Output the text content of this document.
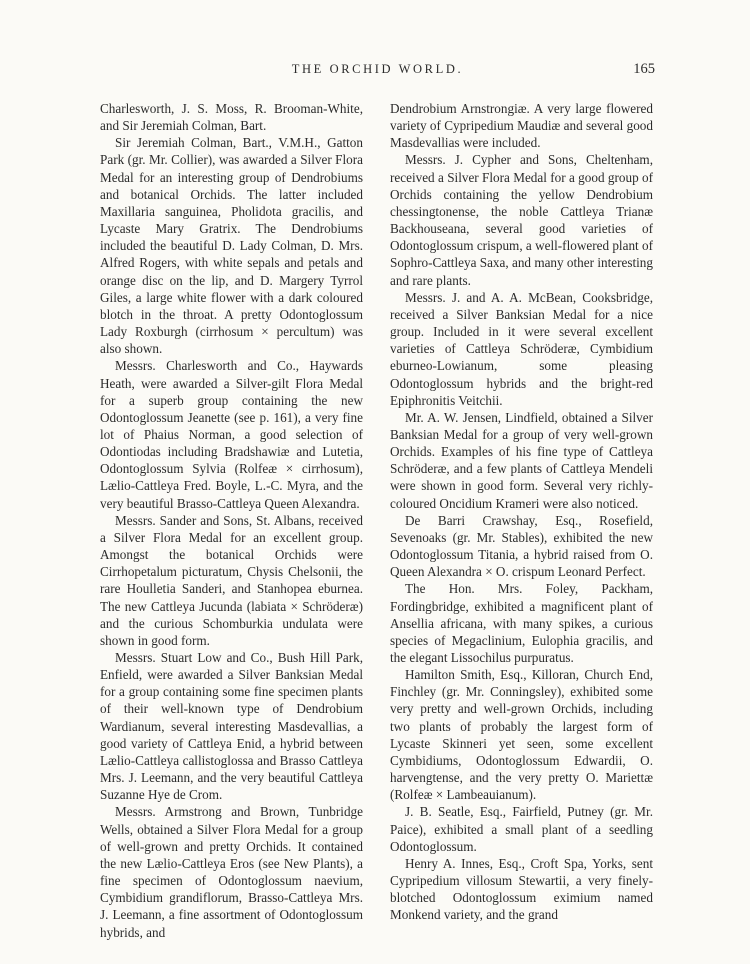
THE ORCHID WORLD.	165

Charlesworth, J. S. Moss, R. Brooman-White, and Sir Jeremiah Colman, Bart.

Sir Jeremiah Colman, Bart., V.M.H., Gatton Park (gr. Mr. Collier), was awarded a Silver Flora Medal for an interesting group of Dendrobiums and botanical Orchids. The latter included Maxillaria sanguinea, Pholidota gracilis, and Lycaste Mary Gratrix. The Dendrobiums included the beautiful D. Lady Colman, D. Mrs. Alfred Rogers, with white sepals and petals and orange disc on the lip, and D. Margery Tyrrol Giles, a large white flower with a dark coloured blotch in the throat. A pretty Odontoglossum Lady Roxburgh (cirrhosum × percultum) was also shown.

Messrs. Charlesworth and Co., Haywards Heath, were awarded a Silver-gilt Flora Medal for a superb group containing the new Odontoglossum Jeanette (see p. 161), a very fine lot of Phaius Norman, a good selection of Odontiodas including Bradshawiæ and Lutetia, Odontoglossum Sylvia (Rolfeæ × cirrhosum), Lælio-Cattleya Fred. Boyle, L.-C. Myra, and the very beautiful Brasso-Cattleya Queen Alexandra.

Messrs. Sander and Sons, St. Albans, received a Silver Flora Medal for an excellent group. Amongst the botanical Orchids were Cirrhopetalum picturatum, Chysis Chelsonii, the rare Houlletia Sanderi, and Stanhopea eburnea. The new Cattleya Jucunda (labiata × Schröderæ) and the curious Schomburkia undulata were shown in good form.

Messrs. Stuart Low and Co., Bush Hill Park, Enfield, were awarded a Silver Banksian Medal for a group containing some fine specimen plants of their well-known type of Dendrobium Wardianum, several interesting Masdevallias, a good variety of Cattleya Enid, a hybrid between Lælio-Cattleya callistoglossa and Brasso Cattleya Mrs. J. Leemann, and the very beautiful Cattleya Suzanne Hye de Crom.

Messrs. Armstrong and Brown, Tunbridge Wells, obtained a Silver Flora Medal for a group of well-grown and pretty Orchids. It contained the new Lælio-Cattleya Eros (see New Plants), a fine specimen of Odontoglossum naevium, Cymbidium grandiflorum, Brasso-Cattleya Mrs. J. Leemann, a fine assortment of Odontoglossum hybrids, and

Dendrobium Arnstrongiæ. A very large flowered variety of Cypripedium Maudiæ and several good Masdevallias were included.

Messrs. J. Cypher and Sons, Cheltenham, received a Silver Flora Medal for a good group of Orchids containing the yellow Dendrobium chessingtonense, the noble Cattleya Trianæ Backhouseana, several good varieties of Odontoglossum crispum, a well-flowered plant of Sophro-Cattleya Saxa, and many other interesting and rare plants.

Messrs. J. and A. A. McBean, Cooksbridge, received a Silver Banksian Medal for a nice group. Included in it were several excellent varieties of Cattleya Schröderæ, Cymbidium eburneo-Lowianum, some pleasing Odontoglossum hybrids and the bright-red Epiphronitis Veitchii.

Mr. A. W. Jensen, Lindfield, obtained a Silver Banksian Medal for a group of very well-grown Orchids. Examples of his fine type of Cattleya Schröderæ, and a few plants of Cattleya Mendeli were shown in good form. Several very richly-coloured Oncidium Krameri were also noticed.

De Barri Crawshay, Esq., Rosefield, Sevenoaks (gr. Mr. Stables), exhibited the new Odontoglossum Titania, a hybrid raised from O. Queen Alexandra × O. crispum Leonard Perfect.

The Hon. Mrs. Foley, Packham, Fordingbridge, exhibited a magnificent plant of Ansellia africana, with many spikes, a curious species of Megaclinium, Eulophia gracilis, and the elegant Lissochilus purpuratus.

Hamilton Smith, Esq., Killoran, Church End, Finchley (gr. Mr. Conningsley), exhibited some very pretty and well-grown Orchids, including two plants of probably the largest form of Lycaste Skinneri yet seen, some excellent Cymbidiums, Odontoglossum Edwardii, O. harvengtense, and the very pretty O. Mariettæ (Rolfeæ × Lambeauianum).

J. B. Seatle, Esq., Fairfield, Putney (gr. Mr. Paice), exhibited a small plant of a seedling Odontoglossum.

Henry A. Innes, Esq., Croft Spa, Yorks, sent Cypripedium villosum Stewartii, a very finely-blotched Odontoglossum eximium named Monkend variety, and the grand
